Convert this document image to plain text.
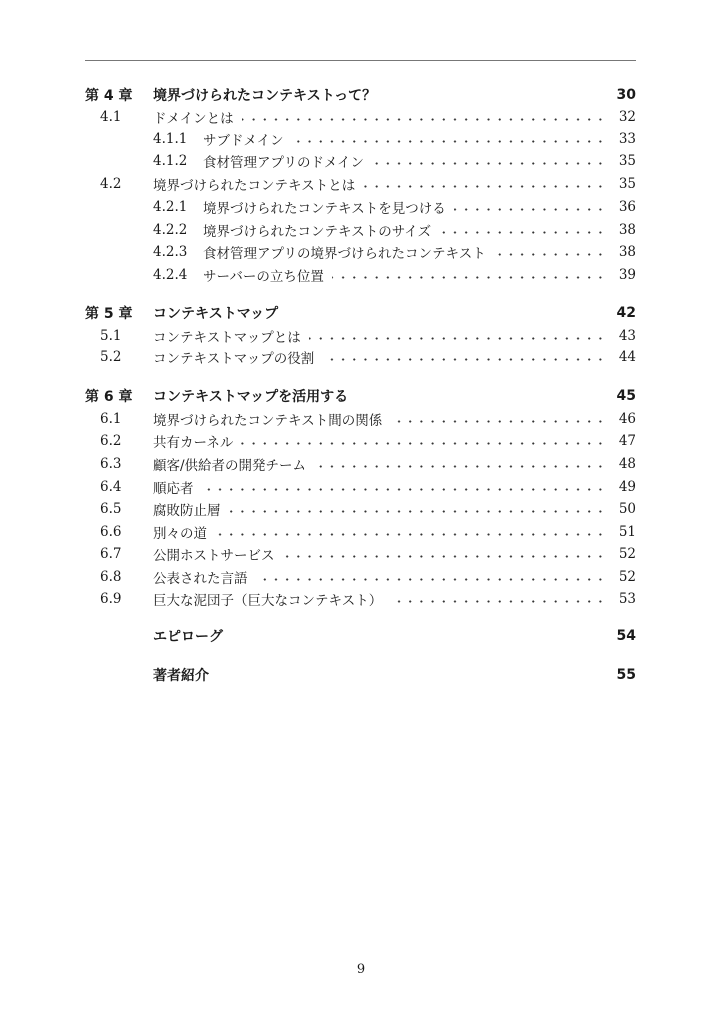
第 4 章 境界づけられたコンテキストって？	30
4.1 ドメインとは	32
4.1.1 サブドメイン	33
4.1.2 食材管理アプリのドメイン	35
4.2 境界づけられたコンテキストとは	35
4.2.1 境界づけられたコンテキストを見つける	36
4.2.2 境界づけられたコンテキストのサイズ	38
4.2.3 食材管理アプリの境界づけられたコンテキスト	38
4.2.4 サーバーの立ち位置	39
第 5 章 コンテキストマップ	42
5.1 コンテキストマップとは	43
5.2 コンテキストマップの役割	44
第 6 章 コンテキストマップを活用する	45
6.1 境界づけられたコンテキスト間の関係	46
6.2 共有カーネル	47
6.3 顧客/供給者の開発チーム	48
6.4 順応者	49
6.5 腐敗防止層	50
6.6 別々の道	51
6.7 公開ホストサービス	52
6.8 公表された言語	52
6.9 巨大な泥団子（巨大なコンテキスト）	53
エピローグ	54
著者紹介	55
9
